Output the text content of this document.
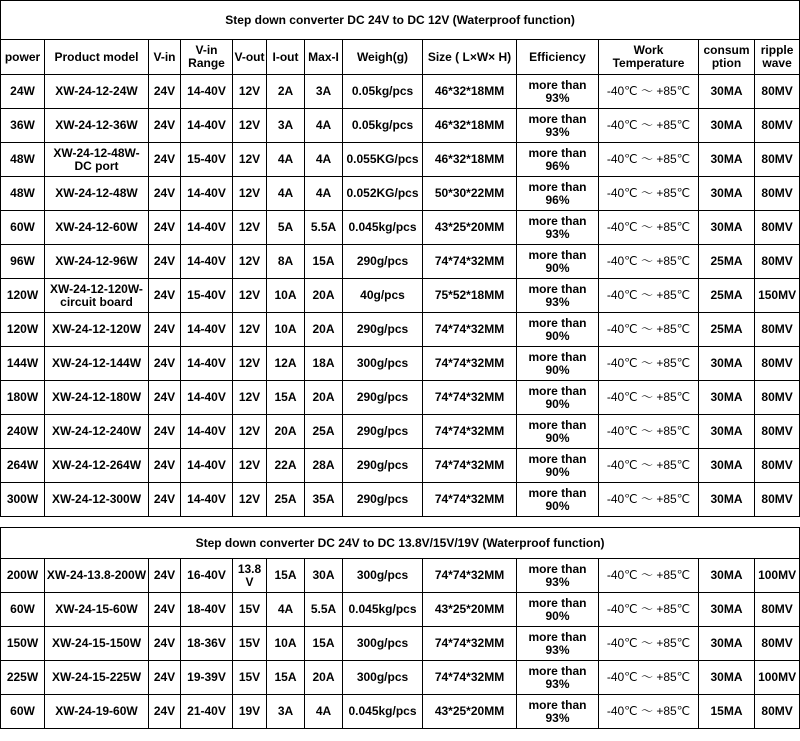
Step down converter DC 24V to DC 12V (Waterproof function)												
power	Product model	V-in	V-in Range	V-out	I-out	Max-I	Weigh(g)	Size ( L×W× H)	Efficiency	Work Temperature	consumption	ripple wave
24W	XW-24-12-24W	24V	14-40V	12V	2A	3A	0.05kg/pcs	46*32*18MM	more than 93%	-40℃ ～ +85℃	30MA	80MV
36W	XW-24-12-36W	24V	14-40V	12V	3A	4A	0.05kg/pcs	46*32*18MM	more than 93%	-40℃ ～ +85℃	30MA	80MV
48W	XW-24-12-48W-DC port	24V	15-40V	12V	4A	4A	0.055KG/pcs	46*32*18MM	more than 96%	-40℃ ～ +85℃	30MA	80MV
48W	XW-24-12-48W	24V	14-40V	12V	4A	4A	0.052KG/pcs	50*30*22MM	more than 96%	-40℃ ～ +85℃	30MA	80MV
60W	XW-24-12-60W	24V	14-40V	12V	5A	5.5A	0.045kg/pcs	43*25*20MM	more than 93%	-40℃ ～ +85℃	30MA	80MV
96W	XW-24-12-96W	24V	14-40V	12V	8A	15A	290g/pcs	74*74*32MM	more than 90%	-40℃ ～ +85℃	25MA	80MV
120W	XW-24-12-120W-circuit board	24V	15-40V	12V	10A	20A	40g/pcs	75*52*18MM	more than 93%	-40℃ ～ +85℃	25MA	150MV
120W	XW-24-12-120W	24V	14-40V	12V	10A	20A	290g/pcs	74*74*32MM	more than 90%	-40℃ ～ +85℃	25MA	80MV
144W	XW-24-12-144W	24V	14-40V	12V	12A	18A	300g/pcs	74*74*32MM	more than 90%	-40℃ ～ +85℃	30MA	80MV
180W	XW-24-12-180W	24V	14-40V	12V	15A	20A	290g/pcs	74*74*32MM	more than 90%	-40℃ ～ +85℃	30MA	80MV
240W	XW-24-12-240W	24V	14-40V	12V	20A	25A	290g/pcs	74*74*32MM	more than 90%	-40℃ ～ +85℃	30MA	80MV
264W	XW-24-12-264W	24V	14-40V	12V	22A	28A	290g/pcs	74*74*32MM	more than 90%	-40℃ ～ +85℃	30MA	80MV
300W	XW-24-12-300W	24V	14-40V	12V	25A	35A	290g/pcs	74*74*32MM	more than 90%	-40℃ ～ +85℃	30MA	80MV

Step down converter DC 24V to DC 13.8V/15V/19V (Waterproof function)												
200W	XW-24-13.8-200W	24V	16-40V	13.8 V	15A	30A	300g/pcs	74*74*32MM	more than 93%	-40℃ ～ +85℃	30MA	100MV
60W	XW-24-15-60W	24V	18-40V	15V	4A	5.5A	0.045kg/pcs	43*25*20MM	more than 90%	-40℃ ～ +85℃	30MA	80MV
150W	XW-24-15-150W	24V	18-36V	15V	10A	15A	300g/pcs	74*74*32MM	more than 93%	-40℃ ～ +85℃	30MA	80MV
225W	XW-24-15-225W	24V	19-39V	15V	15A	20A	300g/pcs	74*74*32MM	more than 93%	-40℃ ～ +85℃	30MA	100MV
60W	XW-24-19-60W	24V	21-40V	19V	3A	4A	0.045kg/pcs	43*25*20MM	more than 93%	-40℃ ～ +85℃	15MA	80MV
